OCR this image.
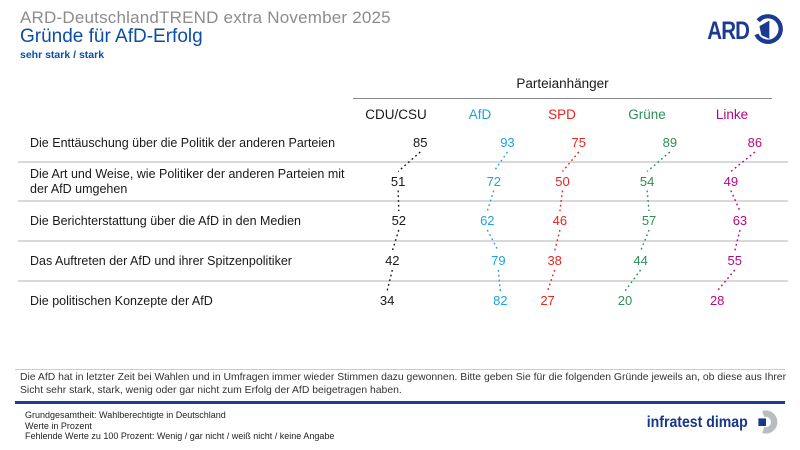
ARD-DeutschlandTREND extra November 2025
Gründe für AfD-Erfolg
sehr stark / stark
ARD
Parteianhänger
CDU/CSU	AfD	SPD	Grüne	Linke
Die Enttäuschung über die Politik der anderen Parteien	85	93	75	89	86
Die Art und Weise, wie Politiker der anderen Parteien mit der AfD umgehen	51	72	50	54	49
Die Berichterstattung über die AfD in den Medien	52	62	46	57	63
Das Auftreten der AfD und ihrer Spitzenpolitiker	42	79	38	44	55
Die politischen Konzepte der AfD	34	82	27	20	28

Die AfD hat in letzter Zeit bei Wahlen und in Umfragen immer wieder Stimmen dazu gewonnen. Bitte geben Sie für die folgenden Gründe jeweils an, ob diese aus Ihrer Sicht sehr stark, stark, wenig oder gar nicht zum Erfolg der AfD beigetragen haben.

Grundgesamtheit: Wahlberechtigte in Deutschland
Werte in Prozent
Fehlende Werte zu 100 Prozent: Wenig / gar nicht / weiß nicht / keine Angabe
infratest dimap
